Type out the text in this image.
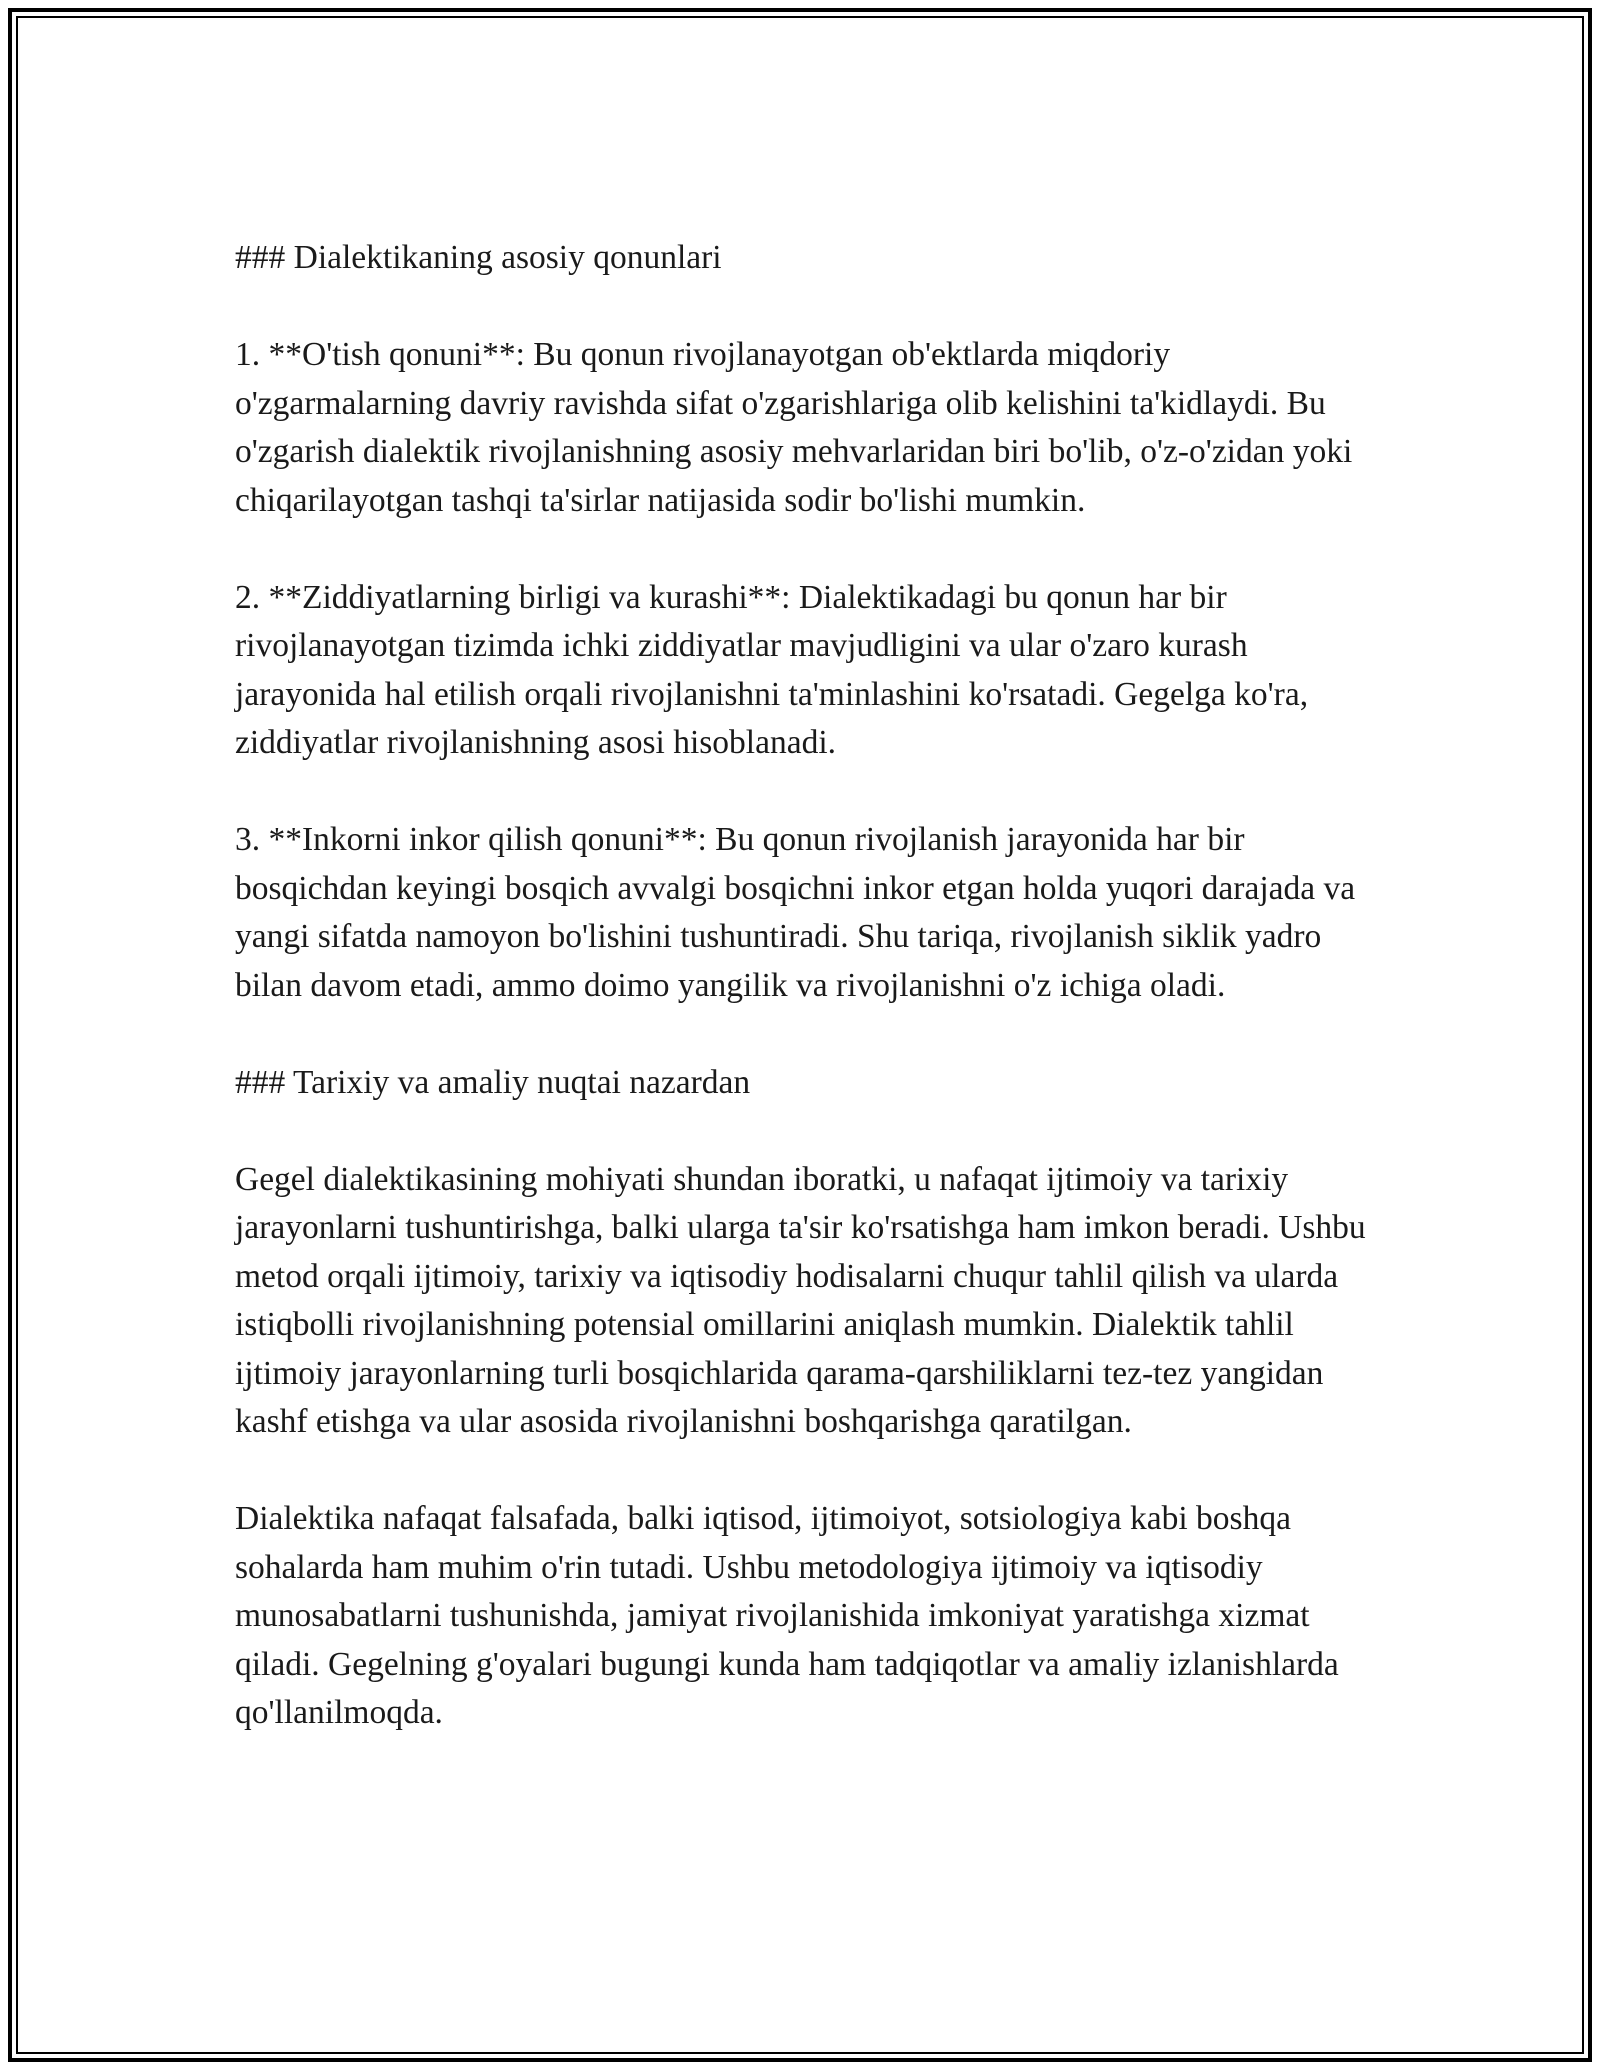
### Dialektikaning asosiy qonunlari

1. **O'tish qonuni**: Bu qonun rivojlanayotgan ob'ektlarda miqdoriy o'zgarmalarning davriy ravishda sifat o'zgarishlariga olib kelishini ta'kidlaydi. Bu o'zgarish dialektik rivojlanishning asosiy mehvarlaridan biri bo'lib, o'z-o'zidan yoki chiqarilayotgan tashqi ta'sirlar natijasida sodir bo'lishi mumkin.

2. **Ziddiyatlarning birligi va kurashi**: Dialektikadagi bu qonun har bir rivojlanayotgan tizimda ichki ziddiyatlar mavjudligini va ular o'zaro kurash jarayonida hal etilish orqali rivojlanishni ta'minlashini ko'rsatadi. Gegelga ko'ra, ziddiyatlar rivojlanishning asosi hisoblanadi.

3. **Inkorni inkor qilish qonuni**: Bu qonun rivojlanish jarayonida har bir bosqichdan keyingi bosqich avvalgi bosqichni inkor etgan holda yuqori darajada va yangi sifatda namoyon bo'lishini tushuntiradi. Shu tariqa, rivojlanish siklik yadro bilan davom etadi, ammo doimo yangilik va rivojlanishni o'z ichiga oladi.

### Tarixiy va amaliy nuqtai nazardan

Gegel dialektikasining mohiyati shundan iboratki, u nafaqat ijtimoiy va tarixiy jarayonlarni tushuntirishga, balki ularga ta'sir ko'rsatishga ham imkon beradi. Ushbu metod orqali ijtimoiy, tarixiy va iqtisodiy hodisalarni chuqur tahlil qilish va ularda istiqbolli rivojlanishning potensial omillarini aniqlash mumkin. Dialektik tahlil ijtimoiy jarayonlarning turli bosqichlarida qarama-qarshiliklarni tez-tez yangidan kashf etishga va ular asosida rivojlanishni boshqarishga qaratilgan.

Dialektika nafaqat falsafada, balki iqtisod, ijtimoiyot, sotsiologiya kabi boshqa sohalarda ham muhim o'rin tutadi. Ushbu metodologiya ijtimoiy va iqtisodiy munosabatlarni tushunishda, jamiyat rivojlanishida imkoniyat yaratishga xizmat qiladi. Gegelning g'oyalari bugungi kunda ham tadqiqotlar va amaliy izlanishlarda qo'llanilmoqda.
